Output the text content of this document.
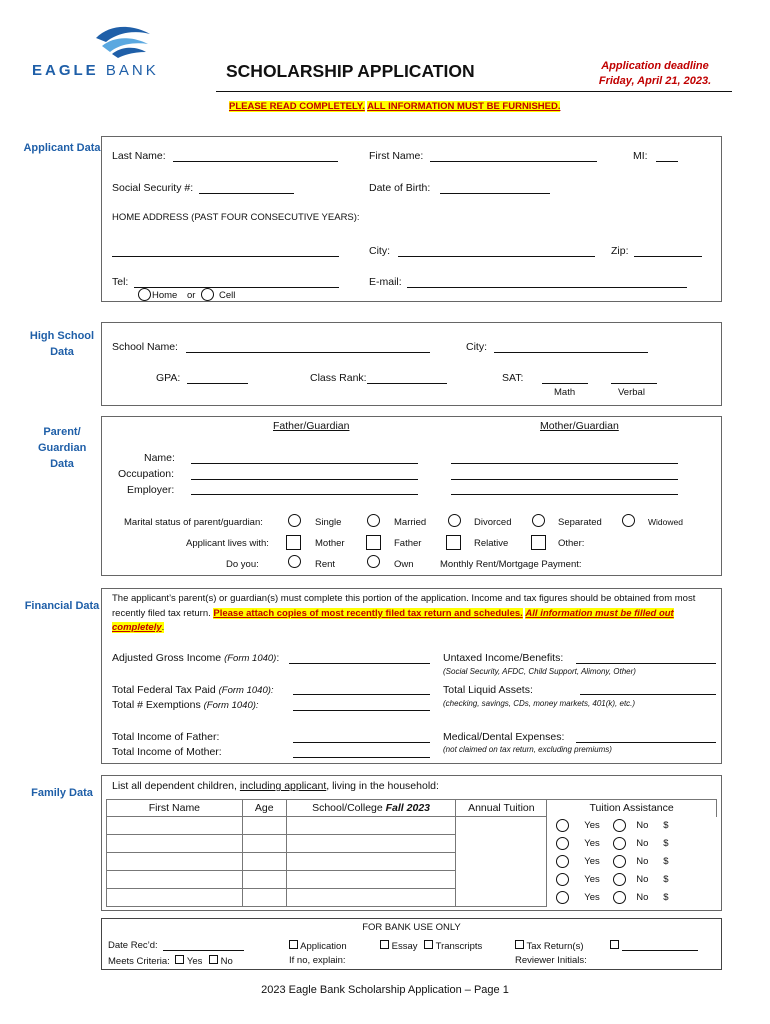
EAGLE BANK	SCHOLARSHIP APPLICATION	Application deadline
Friday, April 21, 2023.
PLEASE READ COMPLETELY. ALL INFORMATION MUST BE FURNISHED.
Applicant Data
Last Name:	First Name:	MI:
Social Security #:	Date of Birth:
HOME ADDRESS (PAST FOUR CONSECUTIVE YEARS):
City:	Zip:
Tel:	E-mail:
Home or Cell
High School Data	School Name:	City:
GPA:	Class Rank:	SAT:
Math	Verbal
Parent/ Guardian Data
Father/Guardian	Mother/Guardian
Name:
Occupation:
Employer:
Marital status of parent/guardian:	Single	Married	Divorced	Separated	Widowed
Applicant lives with:	Mother	Father	Relative	Other:
Do you:	Rent	Own	Monthly Rent/Mortgage Payment:
Financial Data
The applicant’s parent(s) or guardian(s) must complete this portion of the application. Income and tax figures should be obtained from most recently filed tax return. Please attach copies of most recently filed tax return and schedules. All information must be filled out completely.
Adjusted Gross Income (Form 1040):	Untaxed Income/Benefits:
(Social Security, AFDC, Child Support, Alimony, Other)
Total Federal Tax Paid (Form 1040):	Total Liquid Assets:
Total # Exemptions (Form 1040):	(checking, savings, CDs, money markets, 401(k), etc.)
Total Income of Father:
Total Income of Mother:
Medical/Dental Expenses:
(not claimed on tax return, excluding premiums)
Family Data
List all dependent children, including applicant, living in the household:
First Name	Age	School/College Fall 2023	Annual Tuition	Tuition Assistance

				Yes No $

				Yes No $

				Yes No $

				Yes No $

				Yes No $
FOR BANK USE ONLY
Date Rec’d:
Meets Criteria: Yes No
Application
If no, explain:
Essay Transcripts	Tax Return(s)
Reviewer Initials:
2023 Eagle Bank Scholarship Application – Page 1
